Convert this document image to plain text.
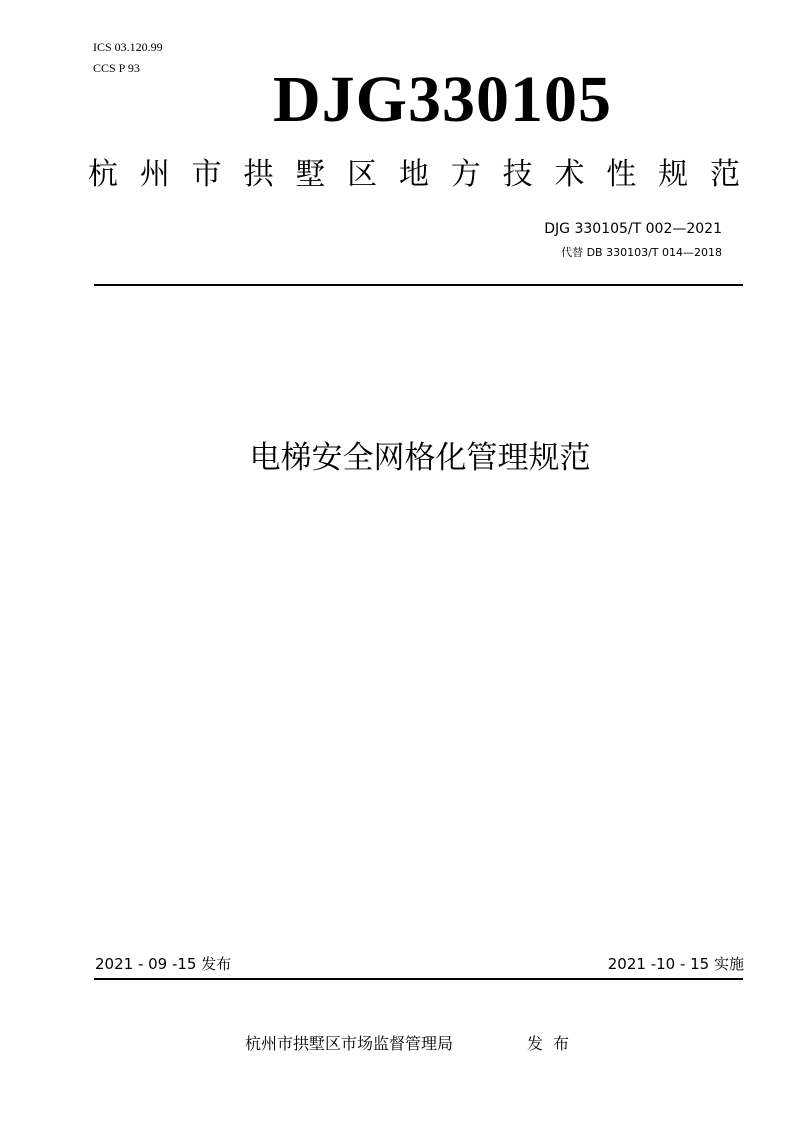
ICS 03.120.99
CCS P 93 DJG330105
杭 州 市 拱 墅 区 地 方 技 术 性 规 范
DJG 330105/T 002—2021
代替 DB 330103/T 014—2018
电梯安全网格化管理规范
2021 - 09 -15 发布	2021 -10 - 15 实施
杭州市拱墅区市场监督管理局	发布
